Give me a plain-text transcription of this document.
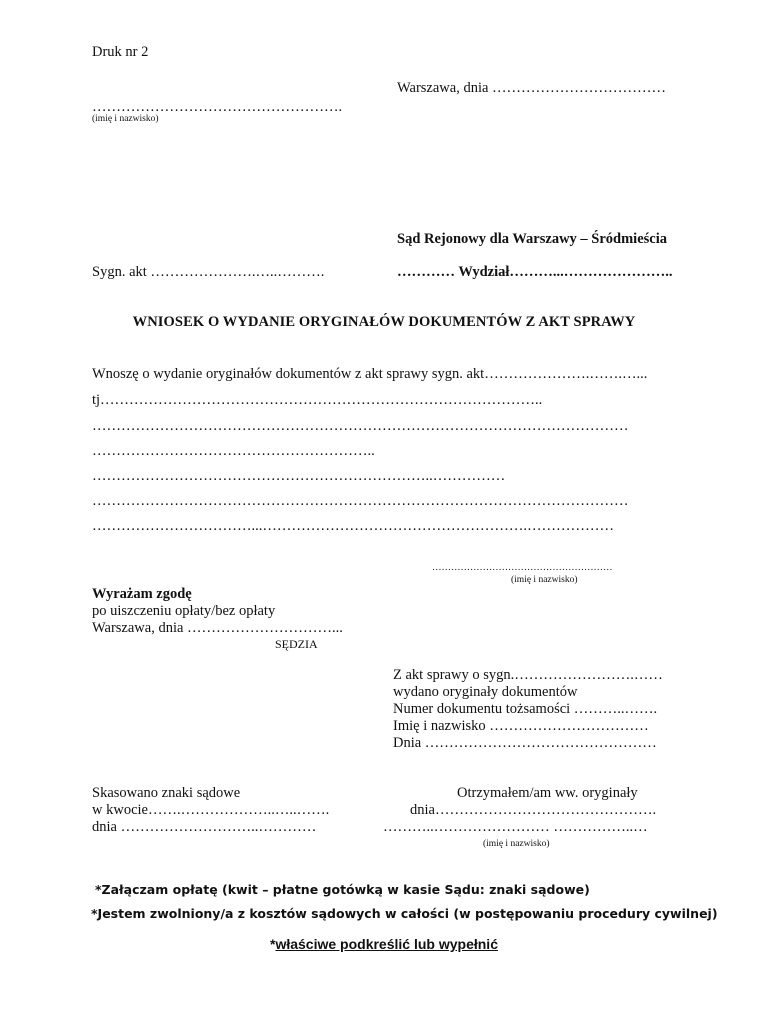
Druk nr 2
Warszawa, dnia ………………………………
…………………………………………….
(imię i nazwisko)
Sąd Rejonowy dla Warszawy – Śródmieścia
Sygn. akt ………………….…..……….	………… Wydział………...…………………..
WNIOSEK O WYDANIE ORYGINAŁÓW DOKUMENTÓW Z AKT SPRAWY
Wnoszę o wydanie oryginałów dokumentów z akt sprawy sygn. akt………………….…….…...
tj………………………………………………………………………………..
…………………………………………………………………………………………………
…………………………………………………..
……………………………………………………………..……………
…………………………………………………………………………………………………
……………………………...……………………………………………….………………
…………………………………………………
(imię i nazwisko)
Wyrażam zgodę
po uiszczeniu opłaty/bez opłaty
Warszawa, dnia …………………………...
SĘDZIA
Z akt sprawy o sygn.…………………….……
wydano oryginały dokumentów
Numer dokumentu tożsamości ………..…….
Imię i nazwisko ……………………………
Dnia …………………………………………
Skasowano znaki sądowe
w kwocie…….………………..…..…….
dnia ………………………..…………
Otrzymałem/am ww. oryginały
dnia……………………………………….
………..…………………… ……………..…
(imię i nazwisko)
*Załączam opłatę (kwit – płatne gotówką w kasie Sądu: znaki sądowe)
*Jestem zwolniony/a z kosztów sądowych w całości (w postępowaniu procedury cywilnej)
*właściwe podkreślić lub wypełnić
